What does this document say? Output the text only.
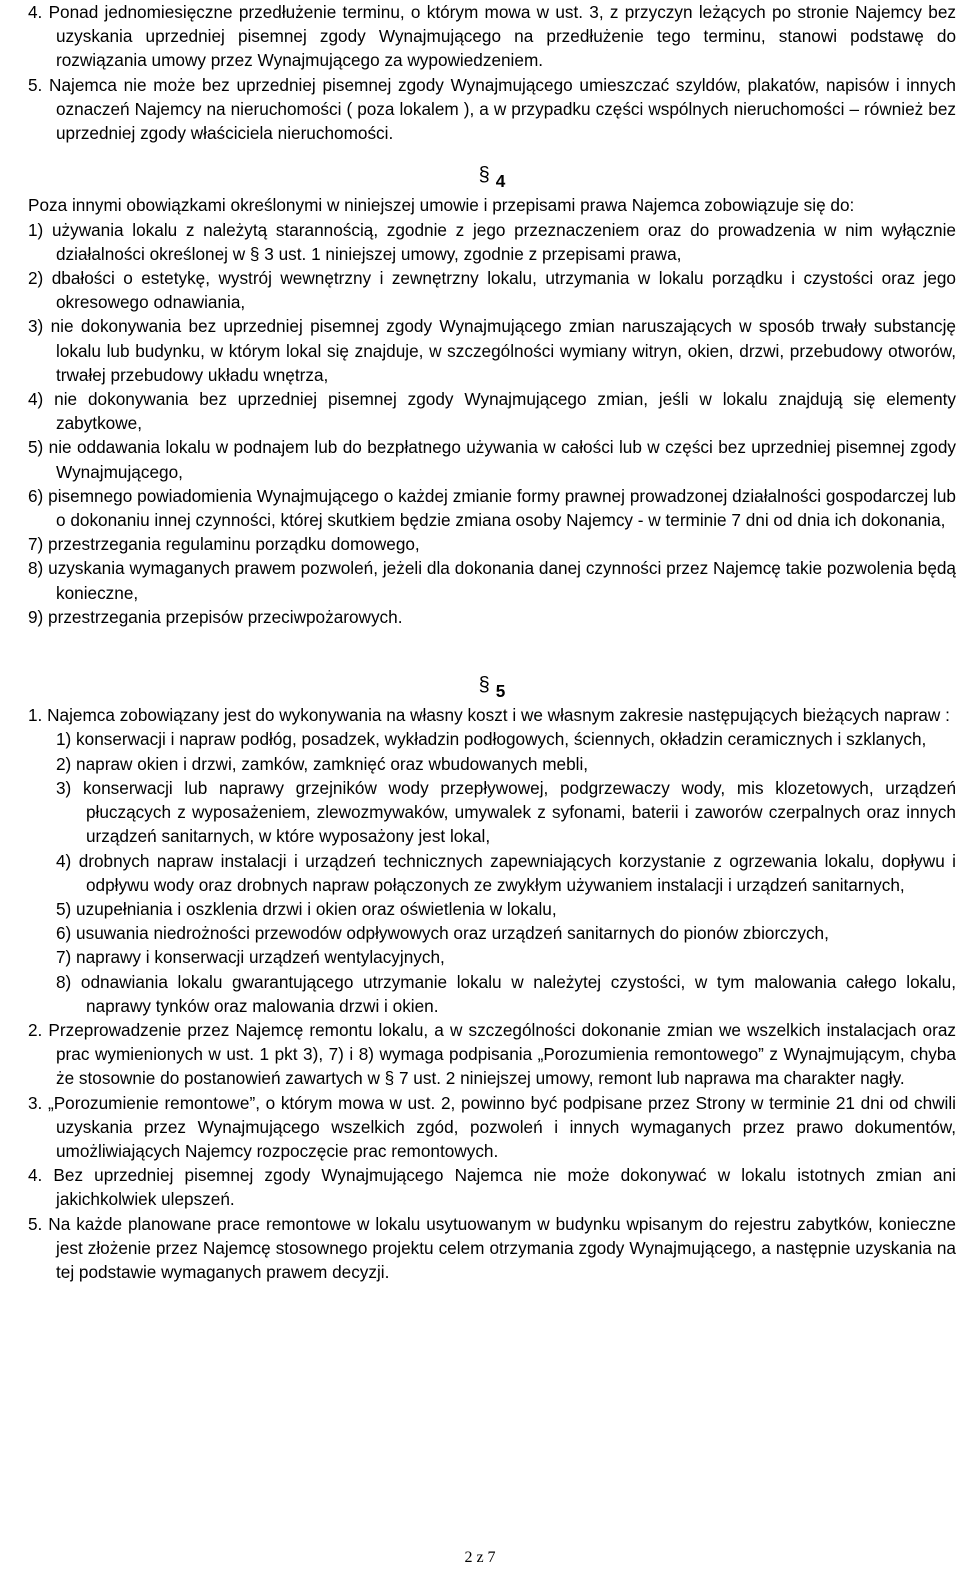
4. Ponad jednomiesięczne przedłużenie terminu, o którym mowa w ust. 3, z przyczyn leżących po stronie Najemcy bez uzyskania uprzedniej pisemnej zgody Wynajmującego na przedłużenie tego terminu, stanowi podstawę do rozwiązania umowy przez Wynajmującego za wypowiedzeniem.

5. Najemca nie może bez uprzedniej pisemnej zgody Wynajmującego umieszczać szyldów, plakatów, napisów i innych oznaczeń Najemcy na nieruchomości ( poza lokalem ), a w przypadku części wspólnych nieruchomości – również bez uprzedniej zgody właściciela nieruchomości.

§ 4

Poza innymi obowiązkami określonymi w niniejszej umowie i przepisami prawa Najemca zobowiązuje się do:

1) używania lokalu z należytą starannością, zgodnie z jego przeznaczeniem oraz do prowadzenia w nim wyłącznie działalności określonej w § 3 ust. 1 niniejszej umowy, zgodnie z przepisami prawa,

2) dbałości o estetykę, wystrój wewnętrzny i zewnętrzny lokalu, utrzymania w lokalu porządku i czystości oraz jego okresowego odnawiania,

3) nie dokonywania bez uprzedniej pisemnej zgody Wynajmującego zmian naruszających w sposób trwały substancję lokalu lub budynku, w którym lokal się znajduje, w szczególności wymiany witryn, okien, drzwi, przebudowy otworów, trwałej przebudowy układu wnętrza,

4) nie dokonywania bez uprzedniej pisemnej zgody Wynajmującego zmian, jeśli w lokalu znajdują się elementy zabytkowe,

5) nie oddawania lokalu w podnajem lub do bezpłatnego używania w całości lub w części bez uprzedniej pisemnej zgody Wynajmującego,

6) pisemnego powiadomienia Wynajmującego o każdej zmianie formy prawnej prowadzonej działalności gospodarczej lub o dokonaniu innej czynności, której skutkiem będzie zmiana osoby Najemcy - w terminie 7 dni od dnia ich dokonania,

7) przestrzegania regulaminu porządku domowego,

8) uzyskania wymaganych prawem pozwoleń, jeżeli dla dokonania danej czynności przez Najemcę takie pozwolenia będą konieczne,

9) przestrzegania przepisów przeciwpożarowych.

§ 5

1. Najemca zobowiązany jest do wykonywania na własny koszt i we własnym zakresie następujących bieżących napraw :

1) konserwacji i napraw podłóg, posadzek, wykładzin podłogowych, ściennych, okładzin ceramicznych i szklanych,

2) napraw okien i drzwi, zamków, zamknięć oraz wbudowanych mebli,

3) konserwacji lub naprawy grzejników wody przepływowej, podgrzewaczy wody, mis klozetowych, urządzeń płuczących z wyposażeniem, zlewozmywaków, umywalek z syfonami, baterii i zaworów czerpalnych oraz innych urządzeń sanitarnych, w które wyposażony jest lokal,

4) drobnych napraw instalacji i urządzeń technicznych zapewniających korzystanie z ogrzewania lokalu, dopływu i odpływu wody oraz drobnych napraw połączonych ze zwykłym używaniem instalacji i urządzeń sanitarnych,

5) uzupełniania i oszklenia drzwi i okien oraz oświetlenia w lokalu,

6) usuwania niedrożności przewodów odpływowych oraz urządzeń sanitarnych do pionów zbiorczych,

7) naprawy i konserwacji urządzeń wentylacyjnych,

8) odnawiania lokalu gwarantującego utrzymanie lokalu w należytej czystości, w tym malowania całego lokalu, naprawy tynków oraz malowania drzwi i okien.

2. Przeprowadzenie przez Najemcę remontu lokalu, a w szczególności dokonanie zmian we wszelkich instalacjach oraz prac wymienionych w ust. 1 pkt 3), 7) i 8) wymaga podpisania „Porozumienia remontowego” z Wynajmującym, chyba że stosownie do postanowień zawartych w § 7 ust. 2 niniejszej umowy, remont lub naprawa ma charakter nagły.

3. „Porozumienie remontowe”, o którym mowa w ust. 2, powinno być podpisane przez Strony w terminie 21 dni od chwili uzyskania przez Wynajmującego wszelkich zgód, pozwoleń i innych wymaganych przez prawo dokumentów, umożliwiających Najemcy rozpoczęcie prac remontowych.

4. Bez uprzedniej pisemnej zgody Wynajmującego Najemca nie może dokonywać w lokalu istotnych zmian ani jakichkolwiek ulepszeń.

5. Na każde planowane prace remontowe w lokalu usytuowanym w budynku wpisanym do rejestru zabytków, konieczne jest złożenie przez Najemcę stosownego projektu celem otrzymania zgody Wynajmującego, a następnie uzyskania na tej podstawie wymaganych prawem decyzji.

2 z 7
